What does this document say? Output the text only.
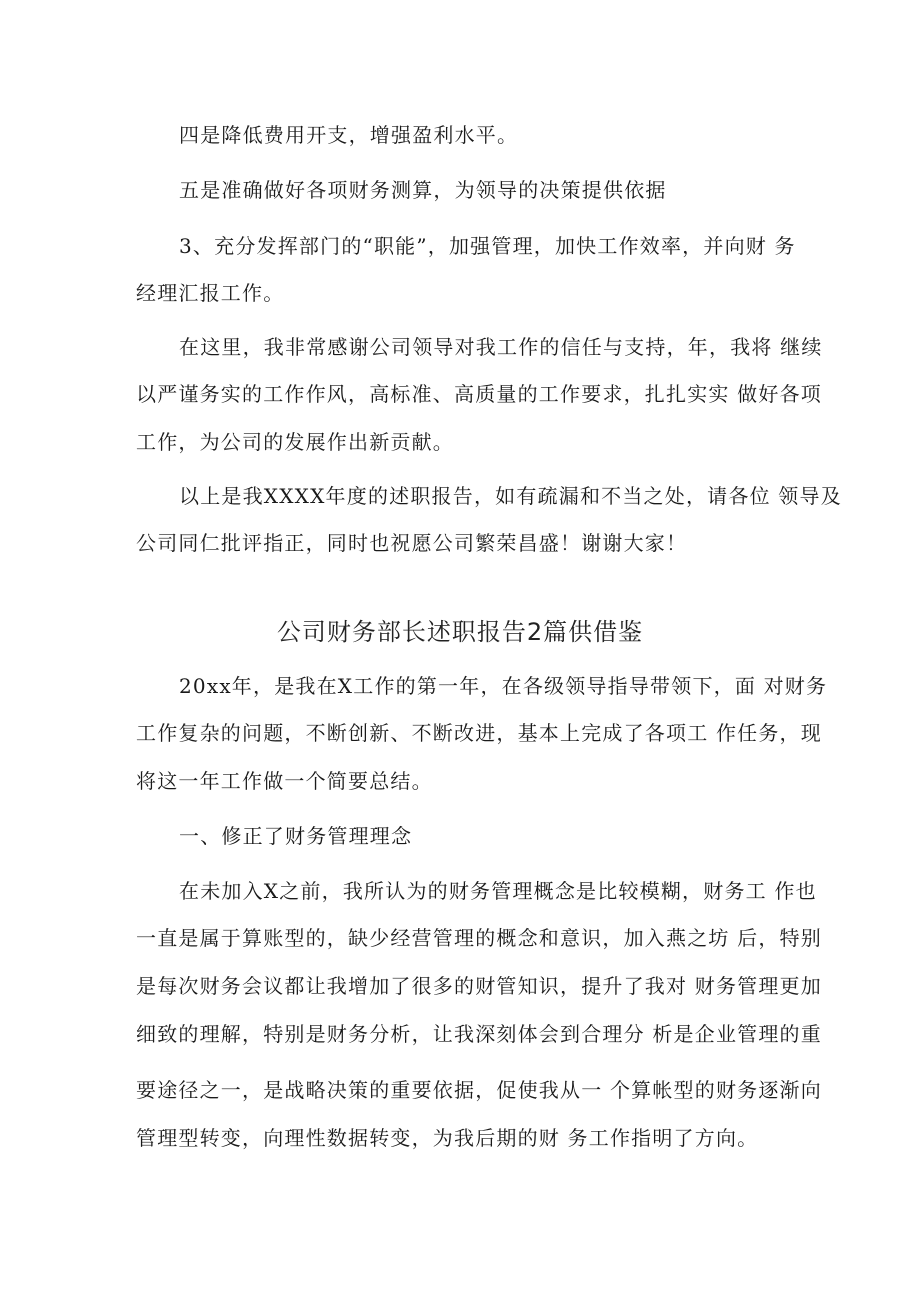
四是降低费用开支，增强盈利水平。
五是准确做好各项财务测算，为领导的决策提供依据
3、充分发挥部门的“职能”，加强管理，加快工作效率，并向财 务
经理汇报工作。
在这里，我非常感谢公司领导对我工作的信任与支持，年，我将 继续
以严谨务实的工作作风，高标准、高质量的工作要求，扎扎实实 做好各项
工作，为公司的发展作出新贡献。
以上是我XXXX年度的述职报告，如有疏漏和不当之处，请各位 领导及
公司同仁批评指正，同时也祝愿公司繁荣昌盛！谢谢大家！
公司财务部长述职报告2篇供借鉴
20xx年，是我在X工作的第一年，在各级领导指导带领下，面 对财务
工作复杂的问题，不断创新、不断改进，基本上完成了各项工 作任务，现
将这一年工作做一个简要总结。
一、修正了财务管理理念
在未加入X之前，我所认为的财务管理概念是比较模糊，财务工 作也
一直是属于算账型的，缺少经营管理的概念和意识，加入燕之坊 后，特别
是每次财务会议都让我增加了很多的财管知识，提升了我对 财务管理更加
细致的理解，特别是财务分析，让我深刻体会到合理分 析是企业管理的重
要途径之一，是战略决策的重要依据，促使我从一 个算帐型的财务逐渐向
管理型转变，向理性数据转变，为我后期的财 务工作指明了方向。
